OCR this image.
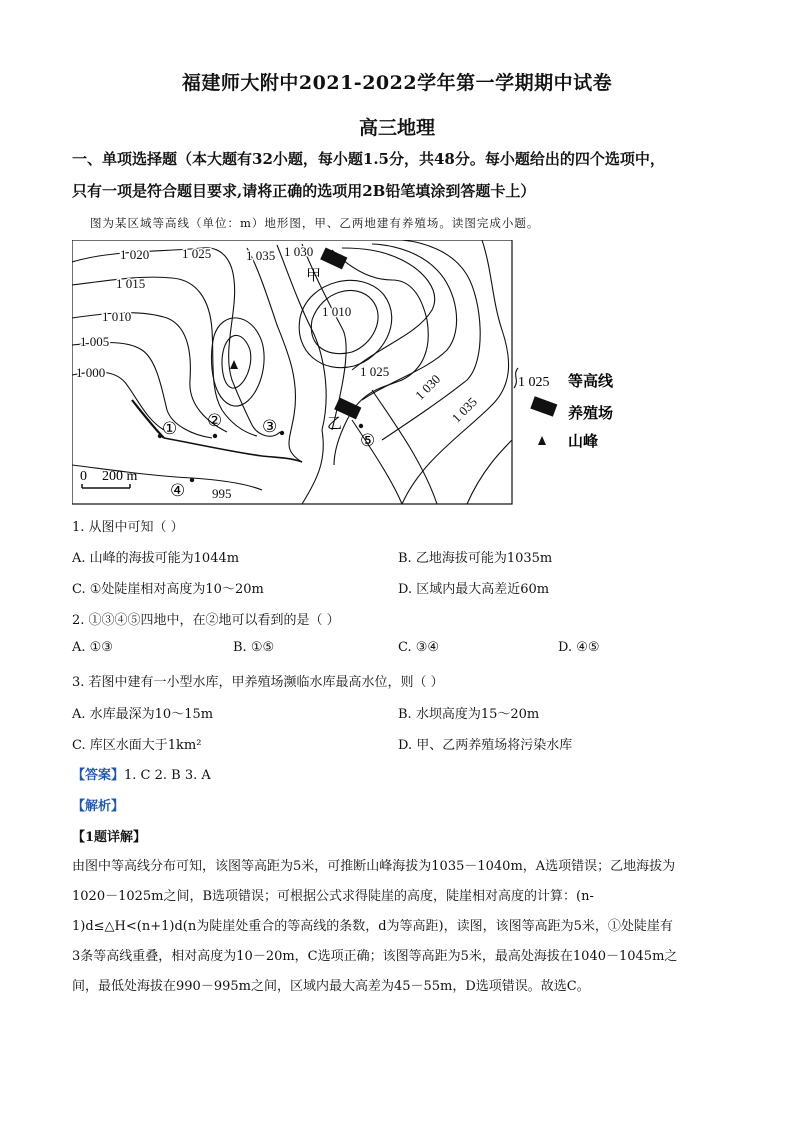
福建师大附中2021-2022学年第一学期期中试卷
高三地理
一、单项选择题（本大题有32小题，每小题1.5分，共48分。每小题给出的四个选项中，
只有一项是符合题目要求,请将正确的选项用2B铅笔填涂到答题卡上）
图为某区域等高线（单位：m）地形图，甲、乙两地建有养殖场。读图完成小题。
1 020	1 025	1 035 1 030
1 015
1 010	1 010
1 005
1 000	1 025 1 030
1 035
995
甲
乙
① ② ③
④
⑤
0 200 m
1 025 等高线
养殖场
山峰
1. 从图中可知（ ）
A. 山峰的海拔可能为1044m	B. 乙地海拔可能为1035m
C. ①处陡崖相对高度为10～20m	D. 区域内最大高差近60m
2. ①③④⑤四地中，在②地可以看到的是（ ）
A. ①③	B. ①⑤	C. ③④	D. ④⑤
3. 若图中建有一小型水库，甲养殖场濒临水库最高水位，则（ ）
A. 水库最深为10～15m	B. 水坝高度为15～20m
C. 库区水面大于1km²	D. 甲、乙两养殖场将污染水库
【答案】1. C 2. B 3. A
【解析】
【1题详解】
由图中等高线分布可知，该图等高距为5米，可推断山峰海拔为1035－1040m，A选项错误；乙地海拔为
1020－1025m之间，B选项错误；可根据公式求得陡崖的高度，陡崖相对高度的计算：(n-
1)d≤△H<(n+1)d(n为陡崖处重合的等高线的条数，d为等高距)，读图，该图等高距为5米，①处陡崖有
3条等高线重叠，相对高度为10－20m，C选项正确；该图等高距为5米，最高处海拔在1040－1045m之
间，最低处海拔在990－995m之间，区域内最大高差为45－55m，D选项错误。故选C。
